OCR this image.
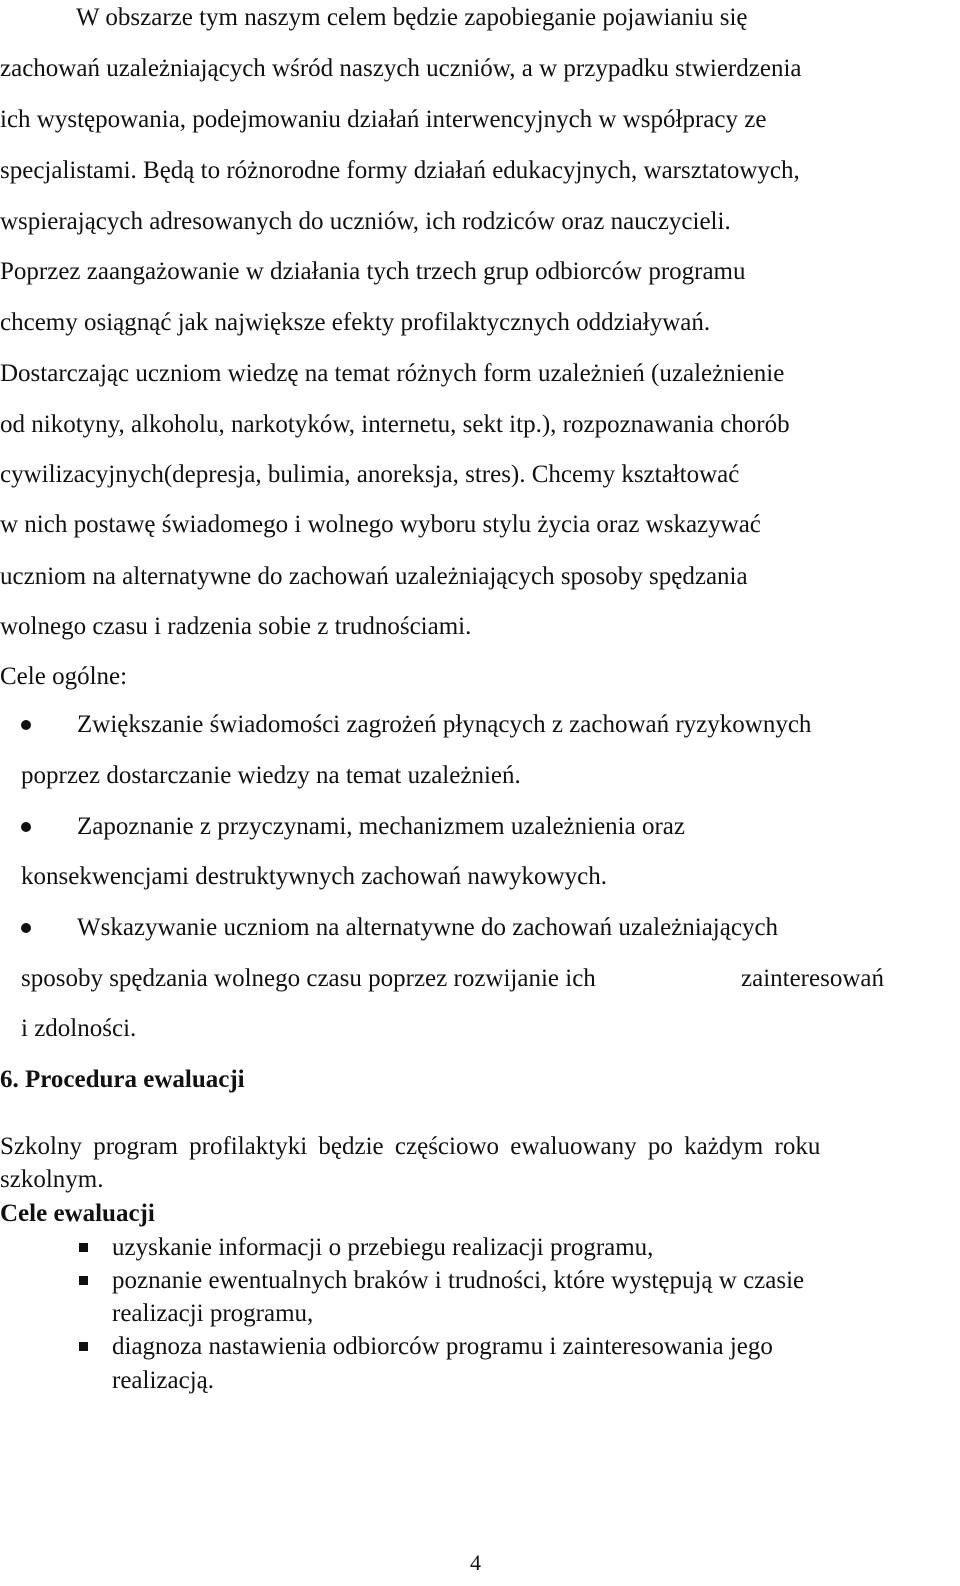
W obszarze tym naszym celem będzie zapobieganie pojawianiu się
zachowań uzależniających wśród naszych uczniów, a w przypadku stwierdzenia
ich występowania, podejmowaniu działań interwencyjnych w współpracy ze
specjalistami. Będą to różnorodne formy działań edukacyjnych, warsztatowych,
wspierających adresowanych do uczniów, ich rodziców oraz nauczycieli.
Poprzez zaangażowanie w działania tych trzech grup odbiorców programu
chcemy osiągnąć jak największe efekty profilaktycznych oddziaływań.
Dostarczając uczniom wiedzę na temat różnych form uzależnień (uzależnienie
od nikotyny, alkoholu, narkotyków, internetu, sekt itp.), rozpoznawania chorób
cywilizacyjnych(depresja, bulimia, anoreksja, stres). Chcemy kształtować
w nich postawę świadomego i wolnego wyboru stylu życia oraz wskazywać
uczniom na alternatywne do zachowań uzależniających sposoby spędzania
wolnego czasu i radzenia sobie z trudnościami.
Cele ogólne:
Zwiększanie świadomości zagrożeń płynących z zachowań ryzykownych
poprzez dostarczanie wiedzy na temat uzależnień.
Zapoznanie z przyczynami, mechanizmem uzależnienia oraz
konsekwencjami destruktywnych zachowań nawykowych.
Wskazywanie uczniom na alternatywne do zachowań uzależniających
sposoby spędzania wolnego czasu poprzez rozwijanie ich	zainteresowań
i zdolności.
6. Procedura ewaluacji
Szkolny program profilaktyki będzie częściowo ewaluowany po każdym roku
szkolnym.
Cele ewaluacji
uzyskanie informacji o przebiegu realizacji programu,
poznanie ewentualnych braków i trudności, które występują w czasie
realizacji programu,
diagnoza nastawienia odbiorców programu i zainteresowania jego
realizacją.
4
